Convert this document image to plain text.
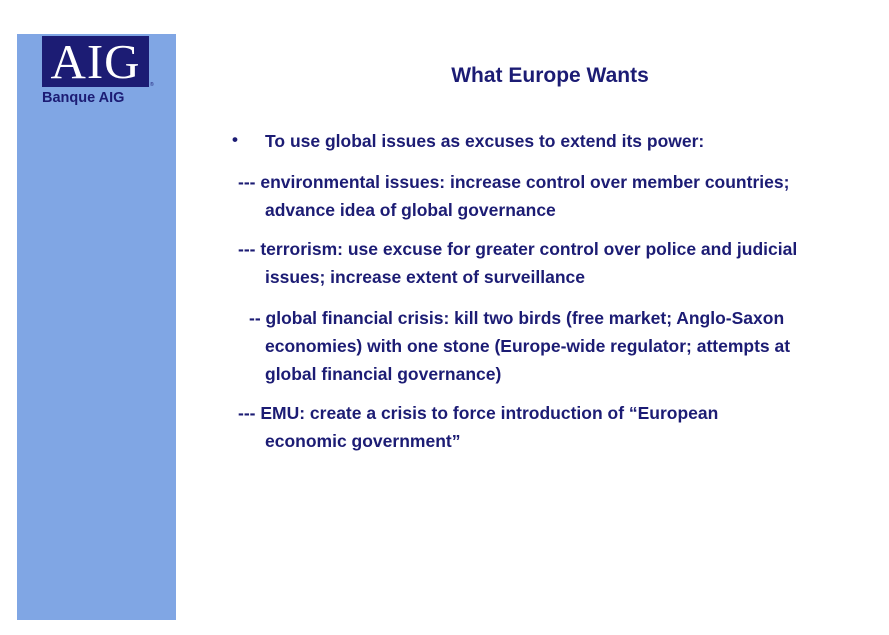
AIG	®
Banque AIG
What Europe Wants
• To use global issues as excuses to extend its power:
--- environmental issues: increase control over member countries;
advance idea of global governance
--- terrorism: use excuse for greater control over police and judicial
issues; increase extent of surveillance
-- global financial crisis: kill two birds (free market; Anglo-Saxon
economies) with one stone (Europe-wide regulator; attempts at
global financial governance)
--- EMU: create a crisis to force introduction of “European
economic government”
